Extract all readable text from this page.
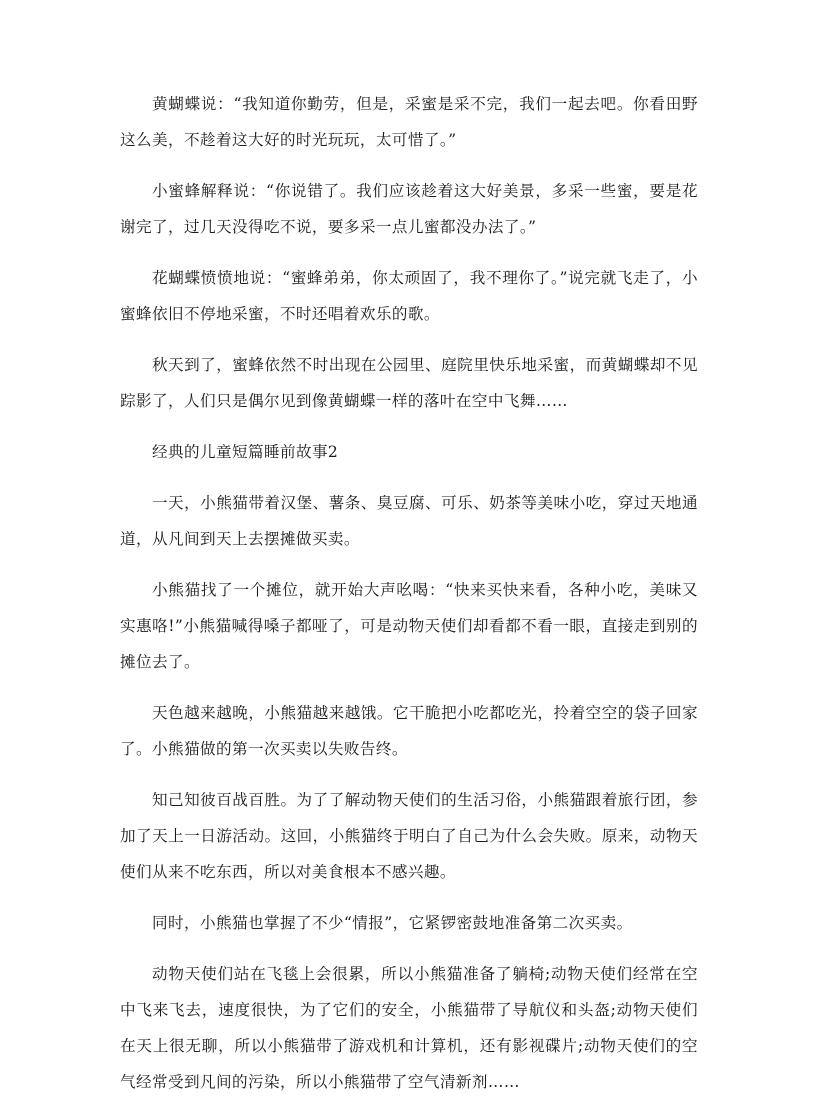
黄蝴蝶说：“我知道你勤劳，但是，采蜜是采不完，我们一起去吧。你看田野这么美，不趁着这大好的时光玩玩，太可惜了。”

小蜜蜂解释说：“你说错了。我们应该趁着这大好美景，多采一些蜜，要是花谢完了，过几天没得吃不说，要多采一点儿蜜都没办法了。”

花蝴蝶愤愤地说：“蜜蜂弟弟，你太顽固了，我不理你了。”说完就飞走了，小蜜蜂依旧不停地采蜜，不时还唱着欢乐的歌。

秋天到了，蜜蜂依然不时出现在公园里、庭院里快乐地采蜜，而黄蝴蝶却不见踪影了，人们只是偶尔见到像黄蝴蝶一样的落叶在空中飞舞……

经典的儿童短篇睡前故事2

一天，小熊猫带着汉堡、薯条、臭豆腐、可乐、奶茶等美味小吃，穿过天地通道，从凡间到天上去摆摊做买卖。

小熊猫找了一个摊位，就开始大声吆喝：“快来买快来看，各种小吃，美味又实惠咯!”小熊猫喊得嗓子都哑了，可是动物天使们却看都不看一眼，直接走到别的摊位去了。

天色越来越晚，小熊猫越来越饿。它干脆把小吃都吃光，拎着空空的袋子回家了。小熊猫做的第一次买卖以失败告终。

知己知彼百战百胜。为了了解动物天使们的生活习俗，小熊猫跟着旅行团，参加了天上一日游活动。这回，小熊猫终于明白了自己为什么会失败。原来，动物天使们从来不吃东西，所以对美食根本不感兴趣。

同时，小熊猫也掌握了不少“情报”，它紧锣密鼓地准备第二次买卖。

动物天使们站在飞毯上会很累，所以小熊猫准备了躺椅;动物天使们经常在空中飞来飞去，速度很快，为了它们的安全，小熊猫带了导航仪和头盔;动物天使们在天上很无聊，所以小熊猫带了游戏机和计算机，还有影视碟片;动物天使们的空气经常受到凡间的污染，所以小熊猫带了空气清新剂……
